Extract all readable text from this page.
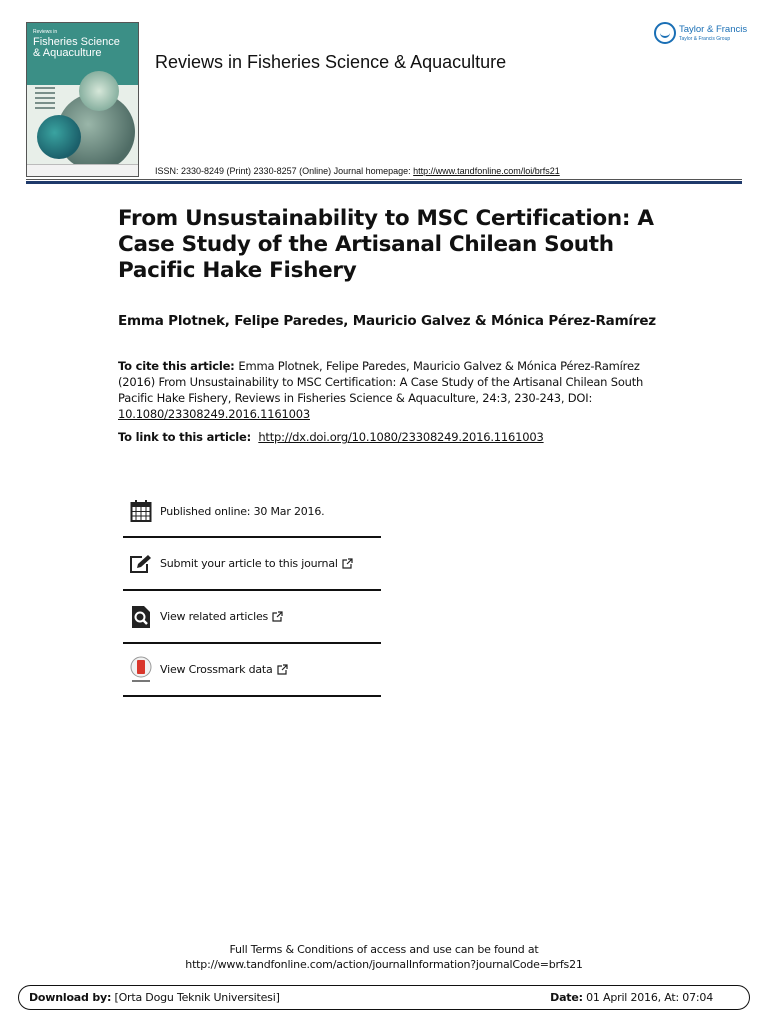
Reviews in
Fisheries Science
& Aquaculture	Reviews in Fisheries Science & Aquaculture
ISSN: 2330-8249 (Print) 2330-8257 (Online) Journal homepage: http://www.tandfonline.com/loi/brfs21
Taylor & Francis
Taylor & Francis Group
From Unsustainability to MSC Certification: A Case Study of the Artisanal Chilean South Pacific Hake Fishery
Emma Plotnek, Felipe Paredes, Mauricio Galvez & Mónica Pérez-Ramírez
To cite this article: Emma Plotnek, Felipe Paredes, Mauricio Galvez & Mónica Pérez-Ramírez (2016) From Unsustainability to MSC Certification: A Case Study of the Artisanal Chilean South Pacific Hake Fishery, Reviews in Fisheries Science & Aquaculture, 24:3, 230-243, DOI: 10.1080/23308249.2016.1161003
To link to this article:  http://dx.doi.org/10.1080/23308249.2016.1161003
Published online: 30 Mar 2016.
Submit your article to this journal
View related articles
View Crossmark data
Full Terms & Conditions of access and use can be found at
http://www.tandfonline.com/action/journalInformation?journalCode=brfs21
Download by: [Orta Dogu Teknik Universitesi]	Date: 01 April 2016, At: 07:04
